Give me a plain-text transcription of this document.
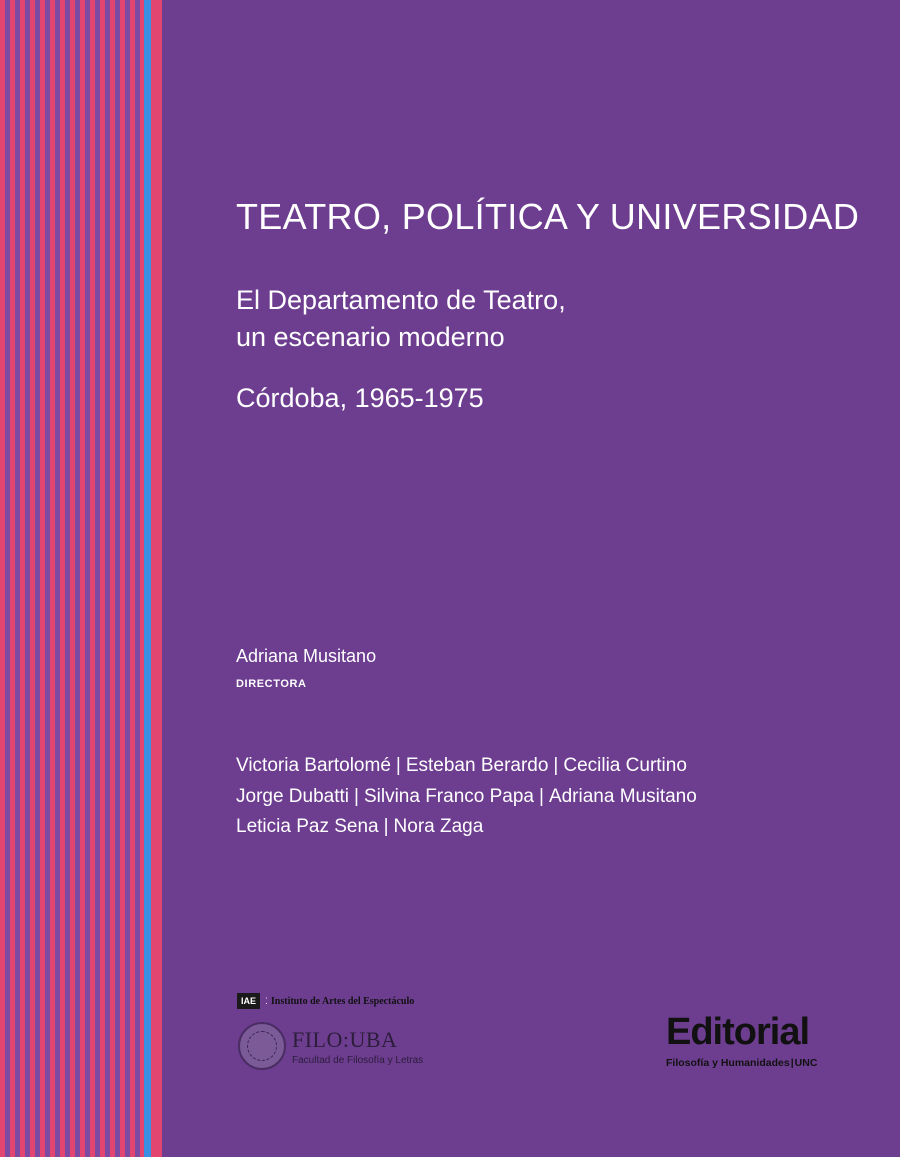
TEATRO, POLÍTICA Y UNIVERSIDAD
El Departamento de Teatro,
un escenario moderno
Córdoba, 1965-1975
Adriana Musitano
DIRECTORA
Victoria Bartolomé | Esteban Berardo | Cecilia Curtino
Jorge Dubatti | Silvina Franco Papa | Adriana Musitano
Leticia Paz Sena | Nora Zaga
IAE	⁚ Instituto de Artes del Espectáculo
FILO:UBA
Facultad de Filosofía y Letras
Editorial
Filosofía y Humanidades|UNC
